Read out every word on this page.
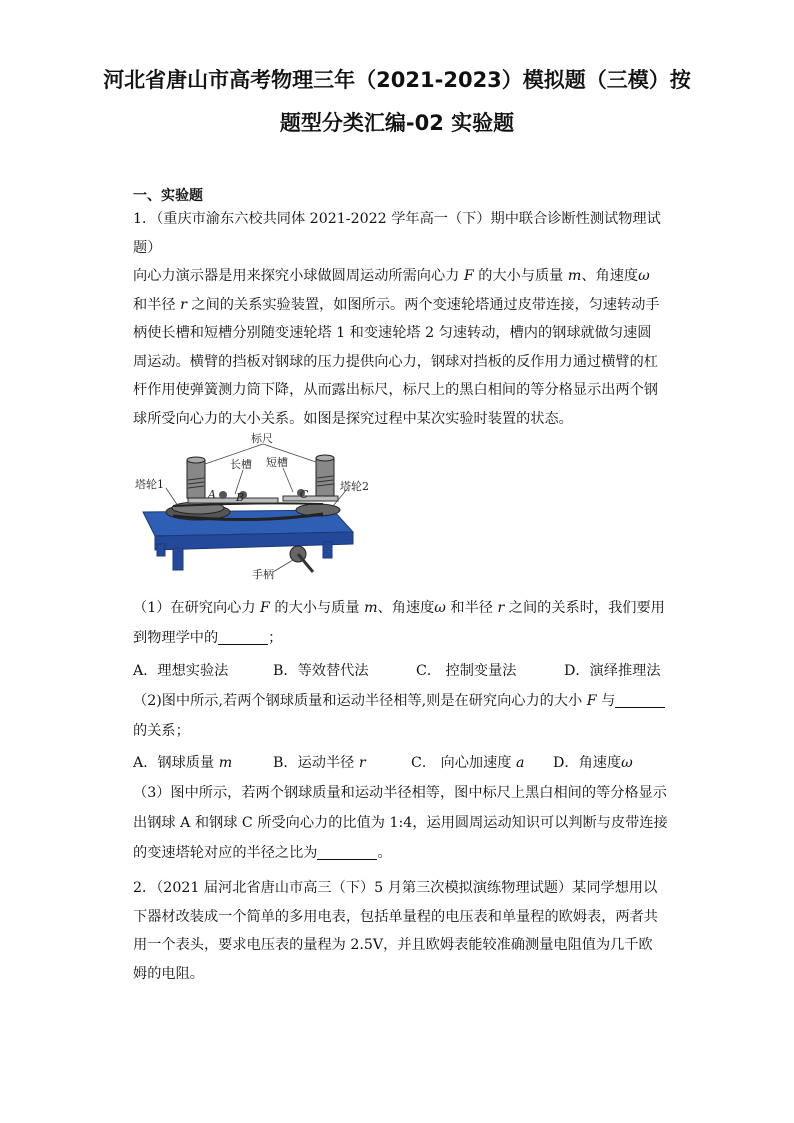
河北省唐山市高考物理三年（2021-2023）模拟题（三模）按
题型分类汇编-02 实验题
一、实验题
1．（重庆市渝东六校共同体 2021-2022 学年高一（下）期中联合诊断性测试物理试题）
向心力演示器是用来探究小球做圆周运动所需向心力 F 的大小与质量 m、角速度ω 和半径 r 之间的关系实验装置，如图所示。两个变速轮塔通过皮带连接，匀速转动手柄使长槽和短槽分别随变速轮塔 1 和变速轮塔 2 匀速转动，槽内的钢球就做匀速圆周运动。横臂的挡板对钢球的压力提供向心力，钢球对挡板的反作用力通过横臂的杠杆作用使弹簧测力筒下降，从而露出标尺，标尺上的黑白相间的等分格显示出两个钢球所受向心力的大小关系。如图是探究过程中某次实验时装置的状态。
标尺
长槽 短槽
塔轮1	塔轮2
手柄
A B	C
（1）在研究向心力 F 的大小与质量 m、角速度ω 和半径 r 之间的关系时，我们要用到物理学中的	；
A．理想实验法	B．等效替代法	C． 控制变量法	D．演绎推理法
（2)图中所示,若两个钢球质量和运动半径相等,则是在研究向心力的大小 F 与
的关系；
A．钢球质量 m	B．运动半径 r	C． 向心加速度 a D．角速度ω
（3）图中所示，若两个钢球质量和运动半径相等，图中标尺上黑白相间的等分格显示出钢球 A 和钢球 C 所受向心力的比值为 1:4，运用圆周运动知识可以判断与皮带连接的变速塔轮对应的半径之比为	。
2．（2021 届河北省唐山市高三（下）5 月第三次模拟演练物理试题）某同学想用以下器材改装成一个简单的多用电表，包括单量程的电压表和单量程的欧姆表，两者共用一个表头，要求电压表的量程为 2.5V，并且欧姆表能较准确测量电阻值为几千欧姆的电阻。
